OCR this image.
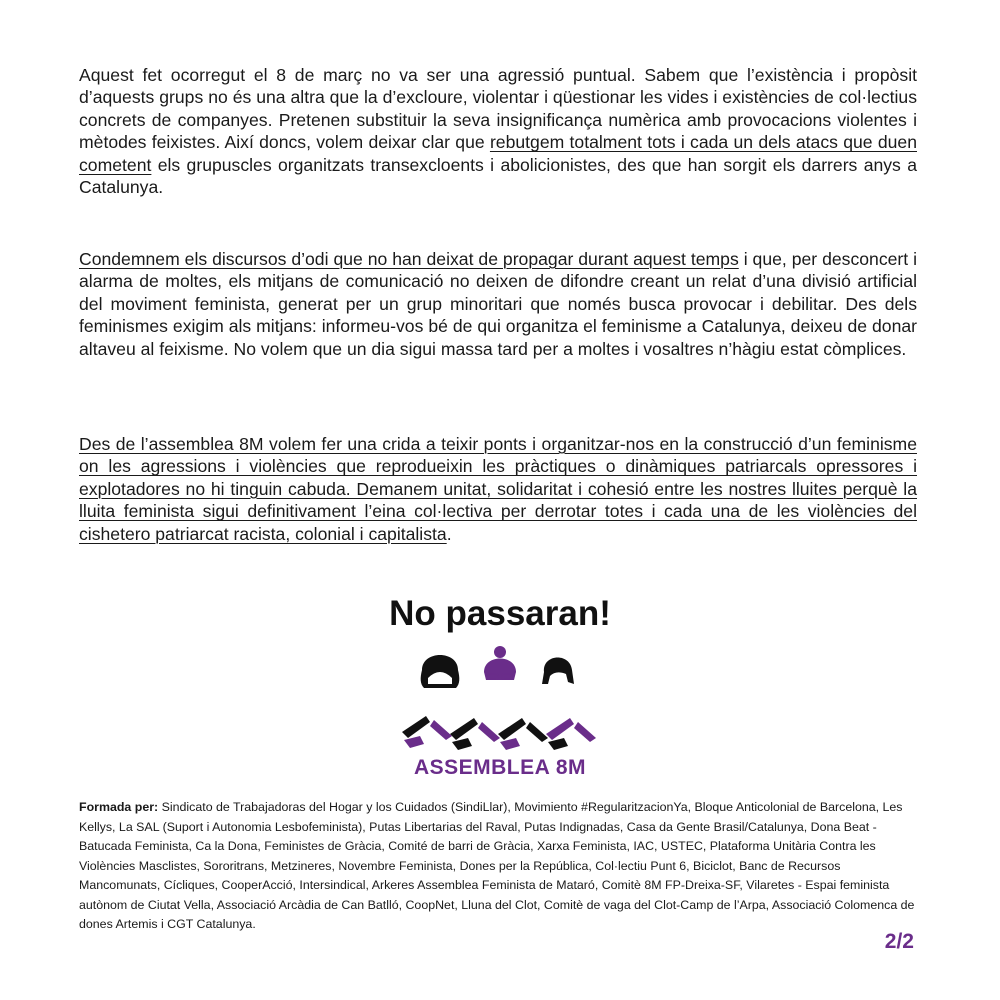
Aquest fet ocorregut el 8 de març no va ser una agressió puntual. Sabem que l’existència i propòsit d’aquests grups no és una altra que la d’excloure, violentar i qüestionar les vides i existències de col·lectius concrets de companyes. Pretenen substituir la seva insignificança numèrica amb provocacions violentes i mètodes feixistes. Així doncs, volem deixar clar que rebutgem totalment tots i cada un dels atacs que duen cometent els grupuscles organitzats transexcloents i abolicionistes, des que han sorgit els darrers anys a Catalunya.

Condemnem els discursos d’odi que no han deixat de propagar durant aquest temps i que, per desconcert i alarma de moltes, els mitjans de comunicació no deixen de difondre creant un relat d’una divisió artificial del moviment feminista, generat per un grup minoritari que només busca provocar i debilitar. Des dels feminismes exigim als mitjans: informeu-vos bé de qui organitza el feminisme a Catalunya, deixeu de donar altaveu al feixisme. No volem que un dia sigui massa tard per a moltes i vosaltres n’hàgiu estat còmplices.

Des de l’assemblea 8M volem fer una crida a teixir ponts i organitzar-nos en la construcció d’un feminisme on les agressions i violències que reprodueixin les pràctiques o dinàmiques patriarcals opressores i explotadores no hi tinguin cabuda. Demanem unitat, solidaritat i cohesió entre les nostres lluites perquè la lluita feminista sigui definitivament l’eina col·lectiva per derrotar totes i cada una de les violències del cishetero patriarcat racista, colonial i capitalista.

No passaran!
ASSEMBLEA 8M

Formada per: Sindicato de Trabajadoras del Hogar y los Cuidados (SindiLlar), Movimiento #RegularitzacionYa, Bloque Anticolonial de Barcelona, Les Kellys, La SAL (Suport i Autonomia Lesbofeminista), Putas Libertarias del Raval, Putas Indignadas, Casa da Gente Brasil/Catalunya, Dona Beat - Batucada Feminista, Ca la Dona, Feministes de Gràcia, Comité de barri de Gràcia, Xarxa Feminista, IAC, USTEC, Plataforma Unitària Contra les Violències Masclistes, Sororitrans, Metzineres, Novembre Feminista, Dones per la República, Col·lectiu Punt 6, Biciclot, Banc de Recursos Mancomunats, Cícliques, CooperAcció, Intersindical, Arkeres Assemblea Feminista de Mataró, Comitè 8M FP-Dreixa-SF, Vilaretes - Espai feminista autònom de Ciutat Vella, Associació Arcàdia de Can Batlló, CoopNet, Lluna del Clot, Comitè de vaga del Clot-Camp de l’Arpa, Associació Colomenca de dones Artemis i CGT Catalunya.

2/2
